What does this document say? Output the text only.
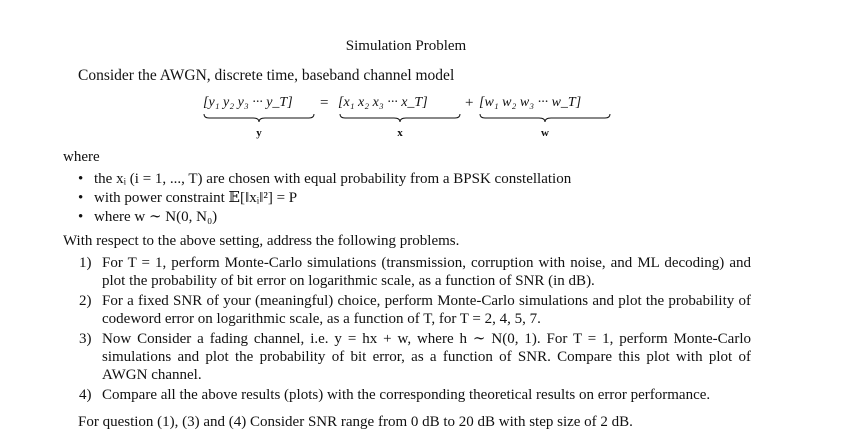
Simulation Problem
Consider the AWGN, discrete time, baseband channel model
[y₁ y₂ y₃ ··· y_T] = [x₁ x₂ x₃ ··· x_T] + [w₁ w₂ w₃ ··· w_T]
y	x	w
where
• the xᵢ (i = 1, ..., T) are chosen with equal probability from a BPSK constellation
• with power constraint 𝔼[‖xᵢ‖²] = P
• where w ∼ N(0, N₀)
With respect to the above setting, address the following problems.
1) For T = 1, perform Monte-Carlo simulations (transmission, corruption with noise, and ML decoding) and plot the probability of bit error on logarithmic scale, as a function of SNR (in dB).
2) For a fixed SNR of your (meaningful) choice, perform Monte-Carlo simulations and plot the probability of codeword error on logarithmic scale, as a function of T, for T = 2, 4, 5, 7.
3) Now Consider a fading channel, i.e. y = hx + w, where h ∼ N(0, 1). For T = 1, perform Monte-Carlo simulations and plot the probability of bit error, as a function of SNR. Compare this plot with plot of AWGN channel.
4) Compare all the above results (plots) with the corresponding theoretical results on error performance.
For question (1), (3) and (4) Consider SNR range from 0 dB to 20 dB with step size of 2 dB.
